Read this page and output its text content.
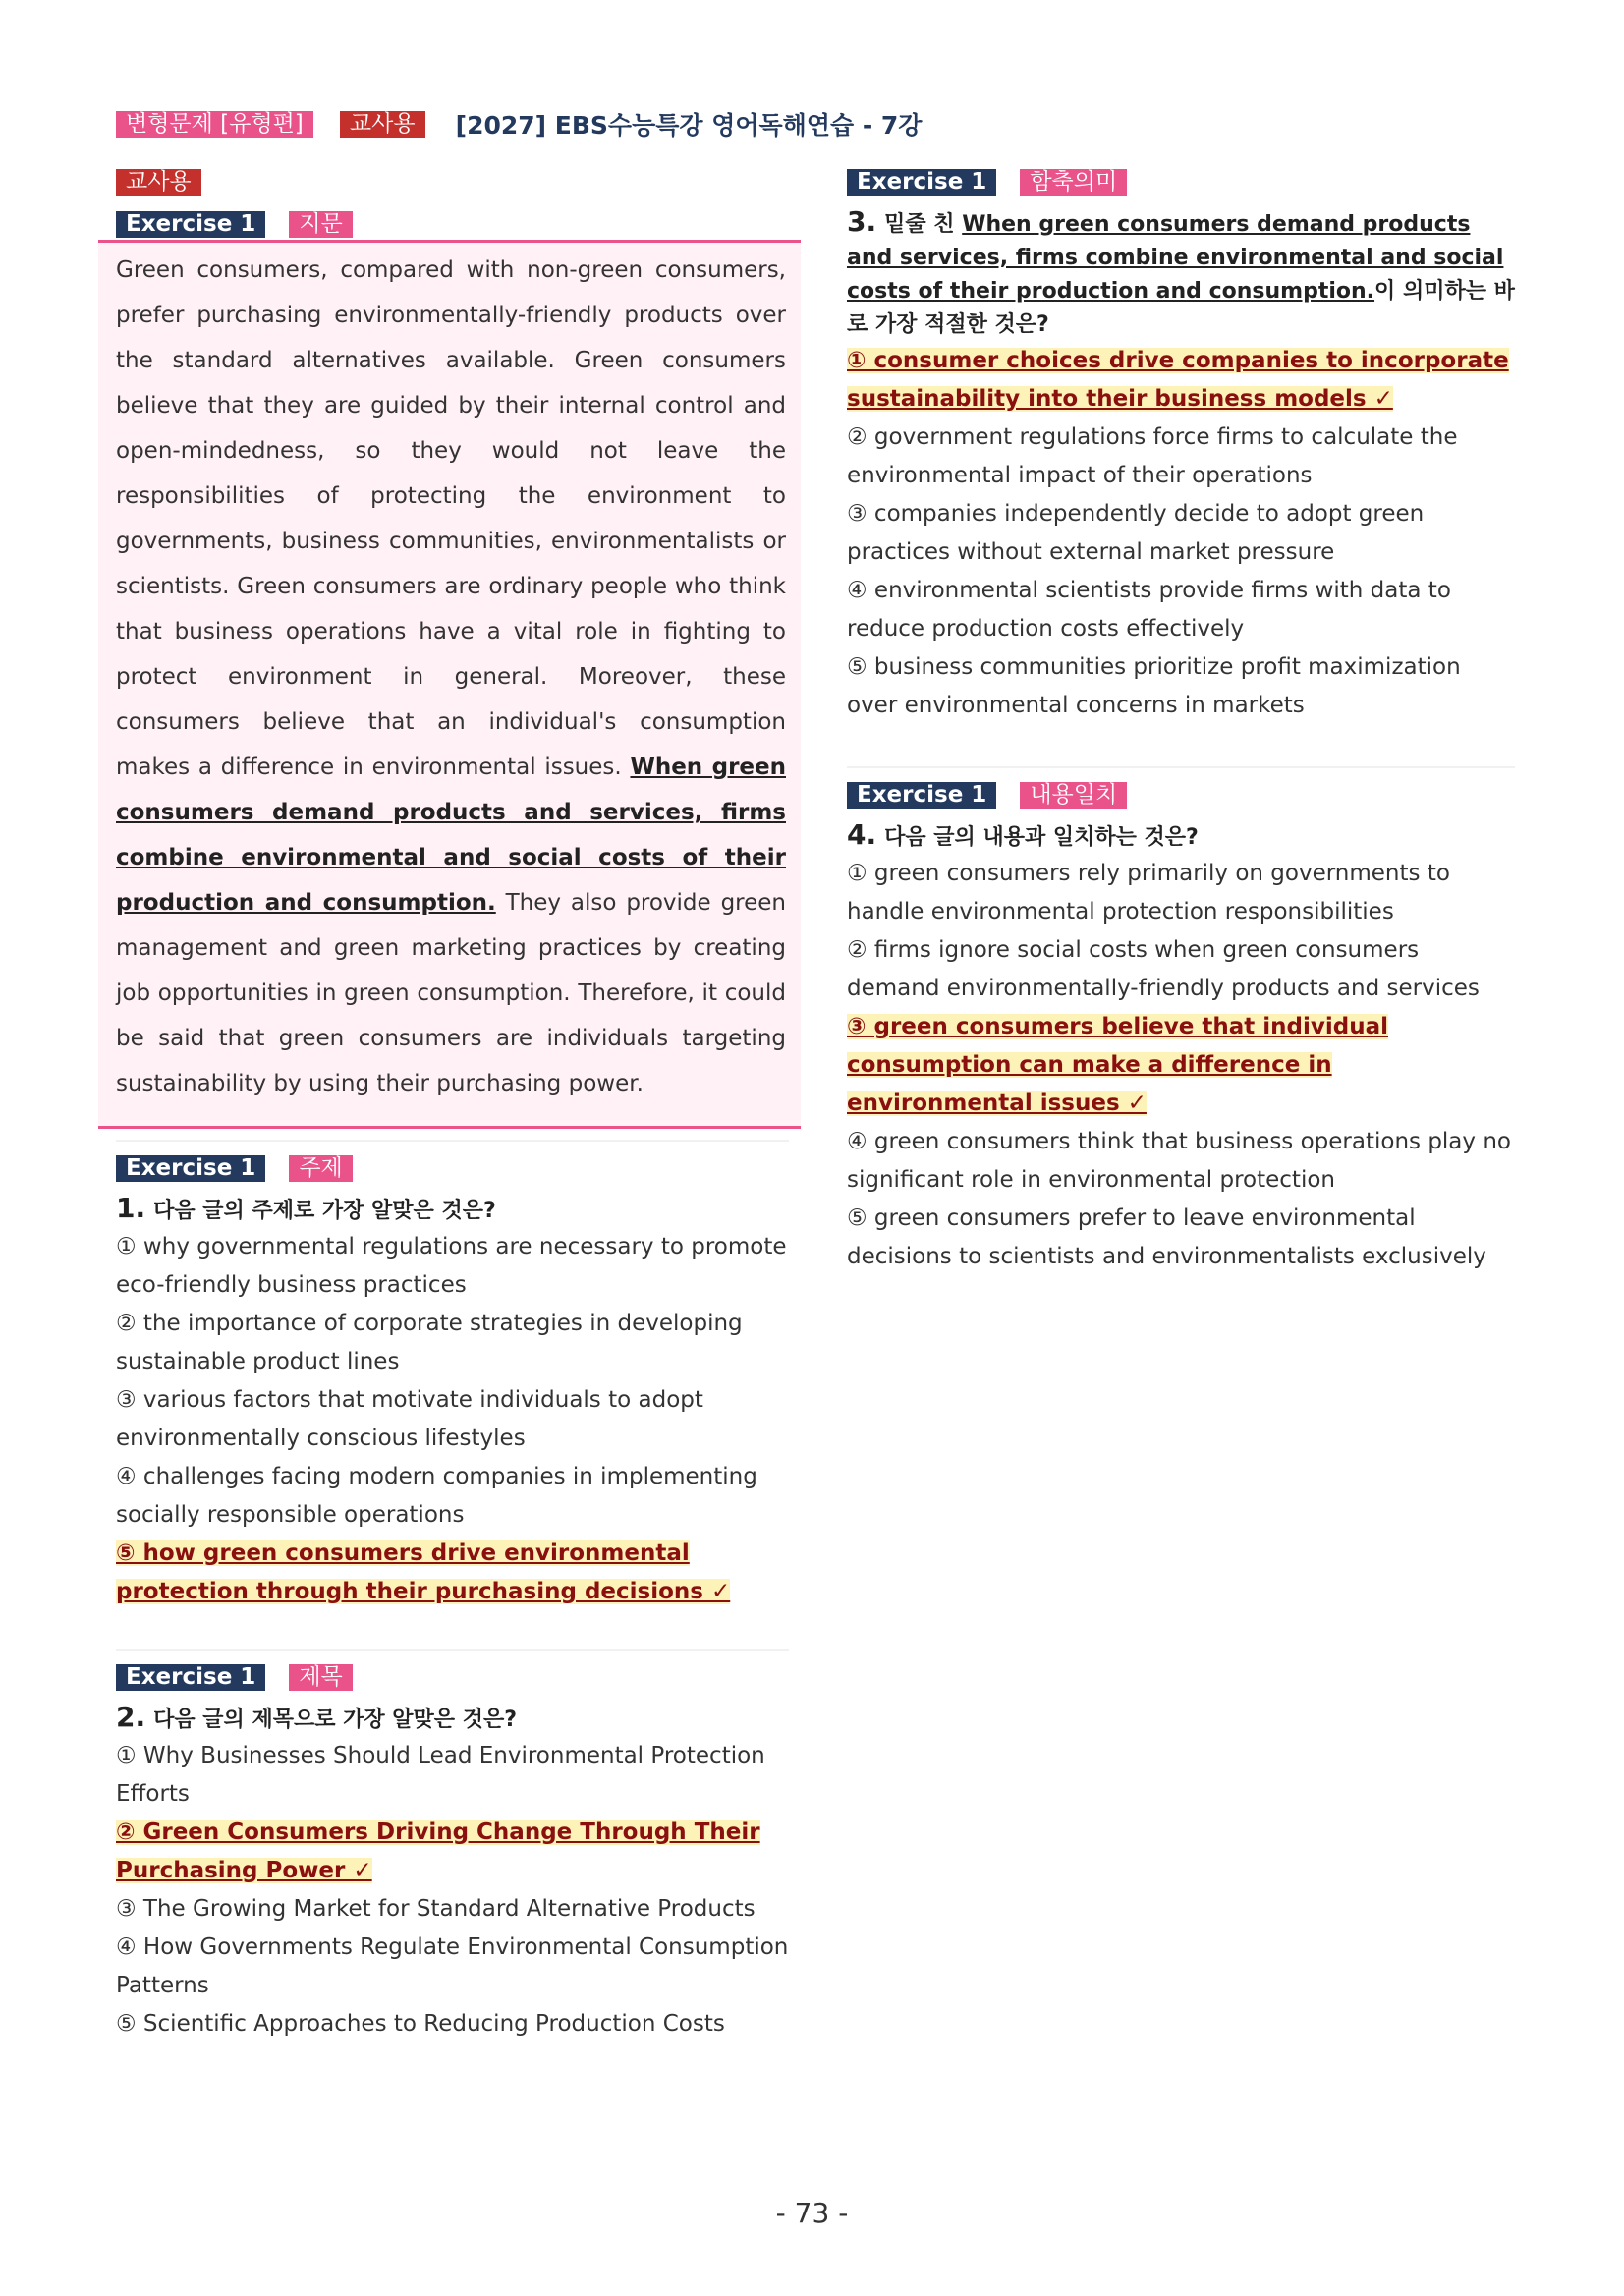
변형문제 [유형편] 교사용 [2027] EBS수능특강 영어독해연습 - 7강
교사용
Exercise 1	지문
Green consumers, compared with non-green consumers, prefer purchasing environmentally-friendly products over the standard alternatives available. Green consumers believe that they are guided by their internal control and open-mindedness, so they would not leave the responsibilities of protecting the environment to governments, business communities, environmentalists or scientists. Green consumers are ordinary people who think that business operations have a vital role in fighting to protect environment in general. Moreover, these consumers believe that an individual's consumption makes a difference in environmental issues. When green consumers demand products and services, firms combine environmental and social costs of their production and consumption. They also provide green management and green marketing practices by creating job opportunities in green consumption. Therefore, it could be said that green consumers are individuals targeting sustainability by using their purchasing power.
Exercise 1	주제
1. 다음 글의 주제로 가장 알맞은 것은?
① why governmental regulations are necessary to promote eco-friendly business practices
② the importance of corporate strategies in developing sustainable product lines
③ various factors that motivate individuals to adopt environmentally conscious lifestyles
④ challenges facing modern companies in implementing socially responsible operations
⑤ how green consumers drive environmental protection through their purchasing decisions ✓
Exercise 1	제목
2. 다음 글의 제목으로 가장 알맞은 것은?
① Why Businesses Should Lead Environmental Protection Efforts
② Green Consumers Driving Change Through Their Purchasing Power ✓
③ The Growing Market for Standard Alternative Products
④ How Governments Regulate Environmental Consumption Patterns
⑤ Scientific Approaches to Reducing Production Costs
Exercise 1	함축의미
3. 밑줄 친 When green consumers demand products and services, firms combine environmental and social costs of their production and consumption.이 의미하는 바로 가장 적절한 것은?
① consumer choices drive companies to incorporate sustainability into their business models ✓
② government regulations force firms to calculate the environmental impact of their operations
③ companies independently decide to adopt green practices without external market pressure
④ environmental scientists provide firms with data to reduce production costs effectively
⑤ business communities prioritize profit maximization over environmental concerns in markets
Exercise 1	내용일치
4. 다음 글의 내용과 일치하는 것은?
① green consumers rely primarily on governments to handle environmental protection responsibilities
② firms ignore social costs when green consumers demand environmentally-friendly products and services
③ green consumers believe that individual consumption can make a difference in environmental issues ✓
④ green consumers think that business operations play no significant role in environmental protection
⑤ green consumers prefer to leave environmental decisions to scientists and environmentalists exclusively
- 73 -
